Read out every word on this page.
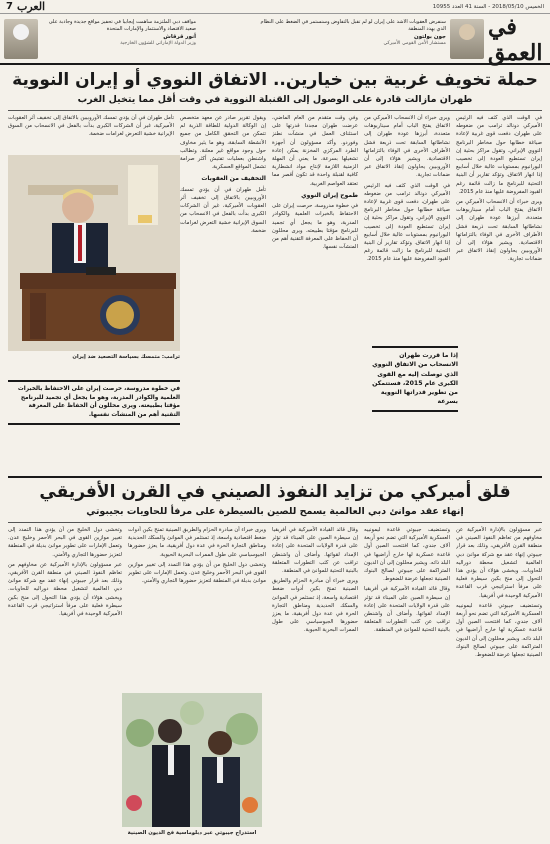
7 العرب	الخميس 2018/05/10 - السنة 41 العدد 10955
مواقف دبي الملتزمة ساهمت إيجابيا في تحفيز مواقع جديدة وجاذبة على صعيد الاقتصاد والاستثمار والإمارات المتحدة
أنور قرقاش
وزير الدولة الإماراتي للشؤون الخارجية
سنفرض العقوبات الأشد على إيران لو لم تقبل بالتفاوض وسنستمر في الضغط على النظام الذي يهدد المنطقة
جون بولتون
مستشار الأمن القومي الأميركي
في العمق
حملة تخويف غربية بين خيارين.. الاتفاق النووي أو إيران النووية
طهران مازالت قادرة على الوصول إلى القنبلة النووية في وقت أقل مما يتخيل الغرب

في الوقت الذي كثف فيه الرئيس الأميركي دونالد ترامب من ضغوطه على طهران، دفعت قوى غربية لإعادة صياغة خطابها حول مخاطر البرنامج النووي الإيراني. وتقول مراكز بحثية إن إيران تستطيع العودة إلى تخصيب اليورانيوم بمستويات عالية خلال أسابيع إذا انهار الاتفاق. وتؤكد تقارير أن البنية التحتية للبرنامج ما زالت قائمة رغم القيود المفروضة عليها منذ عام 2015.

ويرى خبراء أن الانسحاب الأميركي من الاتفاق يفتح الباب أمام سيناريوهات متعددة، أبرزها عودة طهران إلى نشاطاتها السابقة تحت ذريعة فشل الأطراف الأخرى في الوفاء بالتزاماتها الاقتصادية. ويشير هؤلاء إلى أن الأوروبيين يحاولون إنقاذ الاتفاق عبر ضمانات تجارية.

ويرى خبراء أن الانسحاب الأميركي من الاتفاق يفتح الباب أمام سيناريوهات متعددة، أبرزها عودة طهران إلى نشاطاتها السابقة تحت ذريعة فشل الأطراف الأخرى في الوفاء بالتزاماتها الاقتصادية. ويشير هؤلاء إلى أن الأوروبيين يحاولون إنقاذ الاتفاق عبر ضمانات تجارية.

في الوقت الذي كثف فيه الرئيس الأميركي دونالد ترامب من ضغوطه على طهران، دفعت قوى غربية لإعادة صياغة خطابها حول مخاطر البرنامج النووي الإيراني. وتقول مراكز بحثية إن إيران تستطيع العودة إلى تخصيب اليورانيوم بمستويات عالية خلال أسابيع إذا انهار الاتفاق. وتؤكد تقارير أن البنية التحتية للبرنامج ما زالت قائمة رغم القيود المفروضة عليها منذ عام 2015.

وفي وقت متقدم من العام الماضي، عرضت طهران مجددا قدرتها على استئناف العمل في منشآت نطنز وفوردو. وأكد مسؤولون أن أجهزة الطرد المركزي المخزنة يمكن إعادة تشغيلها بسرعة، ما يعني أن المهلة الزمنية اللازمة لإنتاج مواد انشطارية كافية لقنبلة واحدة قد تكون أقصر مما تعتقد العواصم الغربية.

طموح إيران النووي

في خطوة مدروسة، حرصت إيران على الاحتفاظ بالخبرات العلمية والكوادر المدربة، وهو ما يجعل أي تجميد للبرنامج مؤقتا بطبيعته. ويرى محللون أن الحفاظ على المعرفة التقنية أهم من المنشآت نفسها.

ويقول تقرير صادر عن معهد متخصص إن الوكالة الدولية للطاقة الذرية لم تتمكن من التحقق الكامل من جميع الأنشطة السابقة، وهو ما يثير مخاوف حول وجود مواقع غير معلنة. وتطالب واشنطن بعمليات تفتيش أكثر صرامة تشمل المواقع العسكرية.

التخفيف من العقوبات

تأمل طهران في أن يؤدي تمسك الأوروبيين بالاتفاق إلى تخفيف أثر العقوبات الأميركية، غير أن الشركات الكبرى بدأت بالفعل في الانسحاب من السوق الإيرانية خشية التعرض لغرامات ضخمة.

تأمل طهران في أن يؤدي تمسك الأوروبيين بالاتفاق إلى تخفيف أثر العقوبات الأميركية، غير أن الشركات الكبرى بدأت بالفعل في الانسحاب من السوق الإيرانية خشية التعرض لغرامات ضخمة.

في خطوة مدروسة، حرصت إيران على الاحتفاظ بالخبرات العلمية والكوادر المدربة، وهو ما يجعل أي تجميد للبرنامج مؤقتا بطبيعته. ويرى محللون أن الحفاظ على المعرفة التقنية أهم من المنشآت نفسها.
إذا ما قررت طهران الانسحاب من الاتفاق النووي الذي توصلت إليه مع القوى الكبرى عام 2015، فستتمكن من تطوير قدراتها النووية بسرعة
ترامب: متمسك بسياسة التصعيد ضد إيران
قلق أميركي من تزايد النفوذ الصيني في القرن الأفريقي
إنهاء عقد موانئ دبي العالمية يسمح للصين بالسيطرة على مرفأ للحاويات بجيبوتي

عبر مسؤولون بالإدارة الأميركية عن مخاوفهم من تعاظم النفوذ الصيني في منطقة القرن الأفريقي، وذلك بعد قرار جيبوتي إنهاء عقد مع شركة موانئ دبي العالمية لتشغيل محطة دوراليه للحاويات. ويخشى هؤلاء أن يؤدي هذا التحول إلى منح بكين سيطرة فعلية على مرفأ استراتيجي قرب القاعدة الأميركية الوحيدة في أفريقيا.

وتستضيف جيبوتي قاعدة ليمونييه العسكرية الأميركية التي تضم نحو أربعة آلاف جندي، كما افتتحت الصين أول قاعدة عسكرية لها خارج أراضيها في البلد ذاته. ويشير محللون إلى أن الديون المتراكمة على جيبوتي لصالح البنوك الصينية تجعلها عرضة للضغوط.

وتستضيف جيبوتي قاعدة ليمونييه العسكرية الأميركية التي تضم نحو أربعة آلاف جندي، كما افتتحت الصين أول قاعدة عسكرية لها خارج أراضيها في البلد ذاته. ويشير محللون إلى أن الديون المتراكمة على جيبوتي لصالح البنوك الصينية تجعلها عرضة للضغوط.

وقال قائد القيادة الأميركية في أفريقيا إن سيطرة الصين على الميناء قد تؤثر على قدرة الولايات المتحدة على إعادة الإمداد لقواتها. وأضاف أن واشنطن تراقب عن كثب التطورات المتعلقة بالبنية التحتية للموانئ في المنطقة.

وقال قائد القيادة الأميركية في أفريقيا إن سيطرة الصين على الميناء قد تؤثر على قدرة الولايات المتحدة على إعادة الإمداد لقواتها. وأضاف أن واشنطن تراقب عن كثب التطورات المتعلقة بالبنية التحتية للموانئ في المنطقة.

ويرى خبراء أن مبادرة الحزام والطريق الصينية تمنح بكين أدوات ضغط اقتصادية واسعة، إذ تستثمر في الموانئ والسكك الحديدية ومناطق التجارة الحرة في عدة دول أفريقية، ما يعزز حضورها الجيوسياسي على طول الممرات البحرية الحيوية.

ويرى خبراء أن مبادرة الحزام والطريق الصينية تمنح بكين أدوات ضغط اقتصادية واسعة، إذ تستثمر في الموانئ والسكك الحديدية ومناطق التجارة الحرة في عدة دول أفريقية، ما يعزز حضورها الجيوسياسي على طول الممرات البحرية الحيوية.

وتخشى دول الخليج من أن يؤدي هذا التمدد إلى تغيير موازين القوى في البحر الأحمر وخليج عدن. وتعمل الإمارات على تطوير موانئ بديلة في المنطقة لتعزيز حضورها التجاري والأمني.

وتخشى دول الخليج من أن يؤدي هذا التمدد إلى تغيير موازين القوى في البحر الأحمر وخليج عدن. وتعمل الإمارات على تطوير موانئ بديلة في المنطقة لتعزيز حضورها التجاري والأمني.

عبر مسؤولون بالإدارة الأميركية عن مخاوفهم من تعاظم النفوذ الصيني في منطقة القرن الأفريقي، وذلك بعد قرار جيبوتي إنهاء عقد مع شركة موانئ دبي العالمية لتشغيل محطة دوراليه للحاويات. ويخشى هؤلاء أن يؤدي هذا التحول إلى منح بكين سيطرة فعلية على مرفأ استراتيجي قرب القاعدة الأميركية الوحيدة في أفريقيا.

استدراج جيبوتي عبر دبلوماسية فخ الديون الصينية
